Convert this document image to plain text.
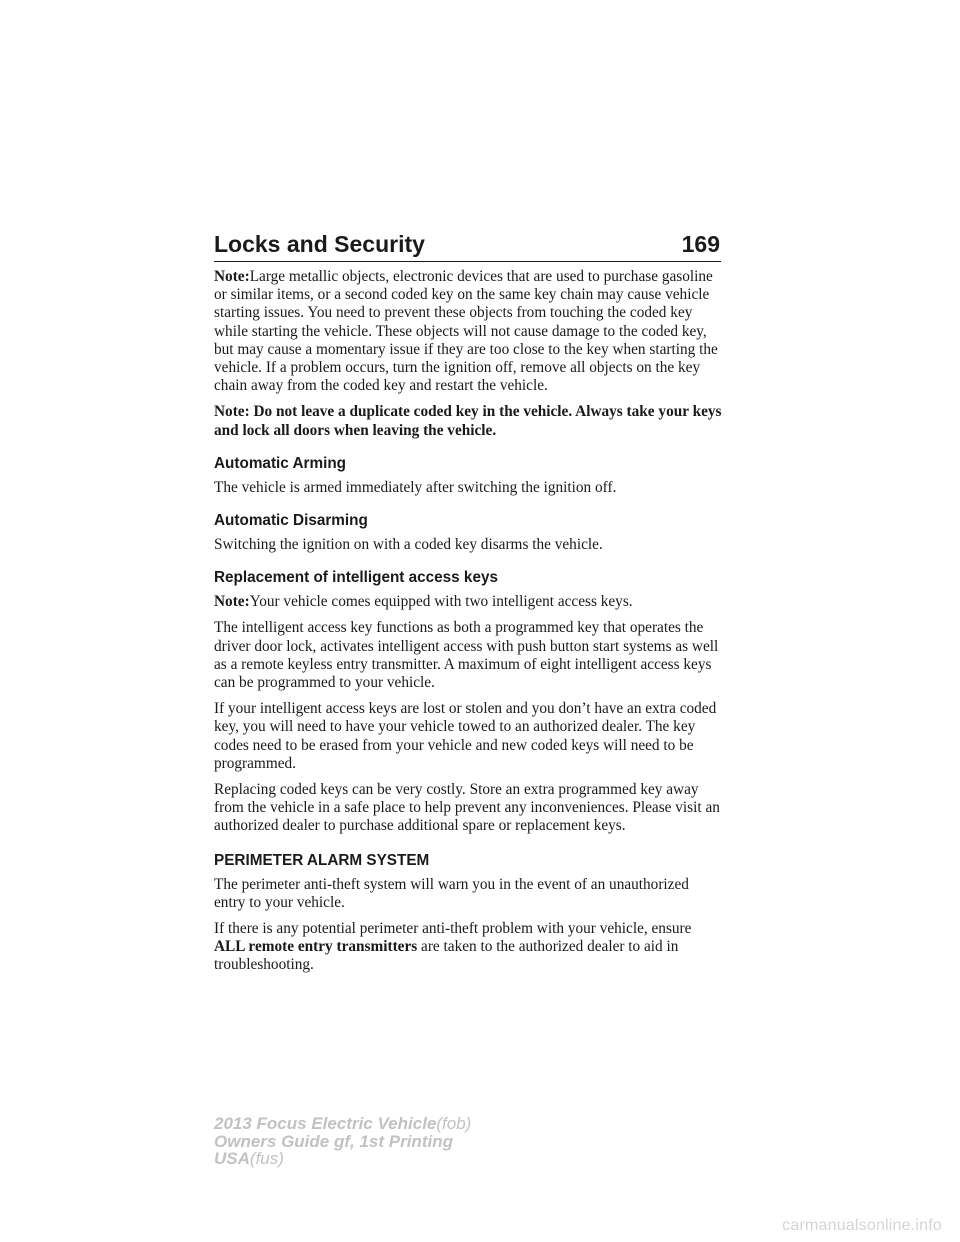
Locks and Security	169

Note:Large metallic objects, electronic devices that are used to purchase gasoline or similar items, or a second coded key on the same key chain may cause vehicle starting issues. You need to prevent these objects from touching the coded key while starting the vehicle. These objects will not cause damage to the coded key, but may cause a momentary issue if they are too close to the key when starting the vehicle. If a problem occurs, turn the ignition off, remove all objects on the key chain away from the coded key and restart the vehicle.

Note: Do not leave a duplicate coded key in the vehicle. Always take your keys and lock all doors when leaving the vehicle.

Automatic Arming

The vehicle is armed immediately after switching the ignition off.

Automatic Disarming

Switching the ignition on with a coded key disarms the vehicle.

Replacement of intelligent access keys

Note:Your vehicle comes equipped with two intelligent access keys.

The intelligent access key functions as both a programmed key that operates the driver door lock, activates intelligent access with push button start systems as well as a remote keyless entry transmitter. A maximum of eight intelligent access keys can be programmed to your vehicle.

If your intelligent access keys are lost or stolen and you don’t have an extra coded key, you will need to have your vehicle towed to an authorized dealer. The key codes need to be erased from your vehicle and new coded keys will need to be programmed.

Replacing coded keys can be very costly. Store an extra programmed key away from the vehicle in a safe place to help prevent any inconveniences. Please visit an authorized dealer to purchase additional spare or replacement keys.

PERIMETER ALARM SYSTEM

The perimeter anti-theft system will warn you in the event of an unauthorized entry to your vehicle.

If there is any potential perimeter anti-theft problem with your vehicle, ensure ALL remote entry transmitters are taken to the authorized dealer to aid in troubleshooting.

2013 Focus Electric Vehicle(fob)
Owners Guide gf, 1st Printing
USA(fus)
carmanualsonline.info
